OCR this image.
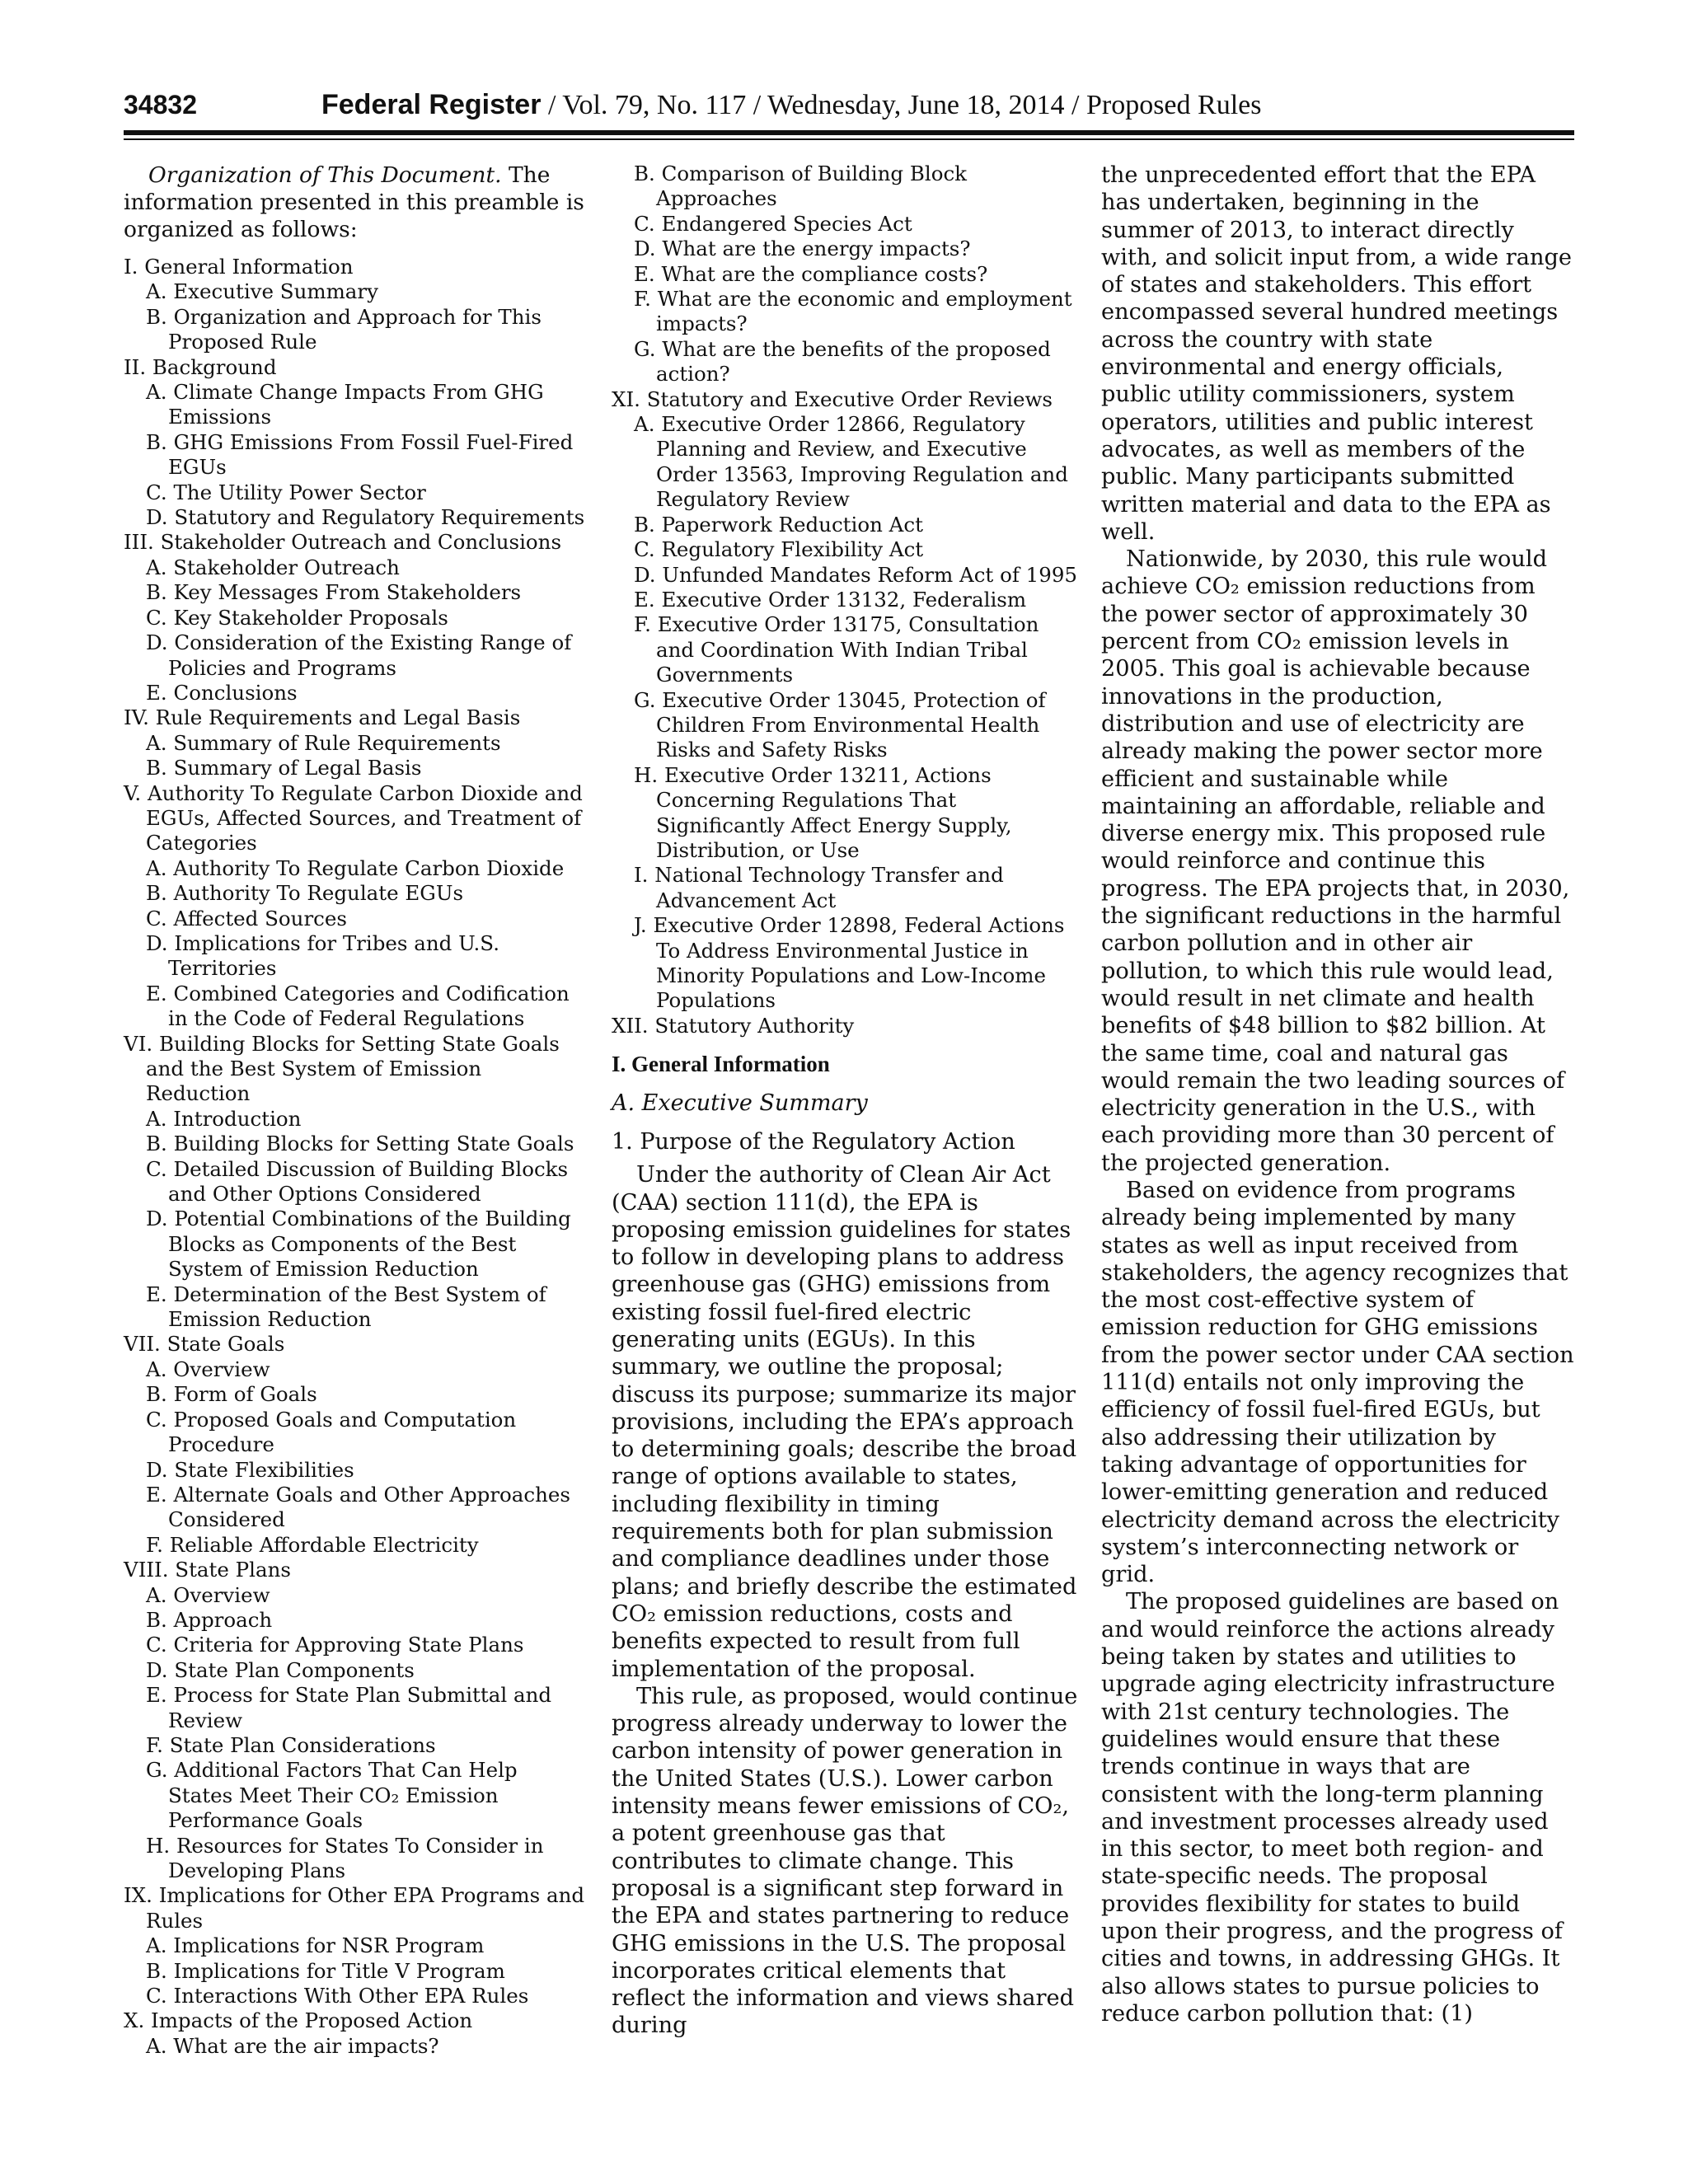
34832	Federal Register / Vol. 79, No. 117 / Wednesday, June 18, 2014 / Proposed Rules

Organization of This Document. The information presented in this preamble is organized as follows:

I. General Information
A. Executive Summary
B. Organization and Approach for This Proposed Rule
II. Background
A. Climate Change Impacts From GHG Emissions
B. GHG Emissions From Fossil Fuel-Fired EGUs
C. The Utility Power Sector
D. Statutory and Regulatory Requirements
III. Stakeholder Outreach and Conclusions
A. Stakeholder Outreach
B. Key Messages From Stakeholders
C. Key Stakeholder Proposals
D. Consideration of the Existing Range of Policies and Programs
E. Conclusions
IV. Rule Requirements and Legal Basis
A. Summary of Rule Requirements
B. Summary of Legal Basis
V. Authority To Regulate Carbon Dioxide and EGUs, Affected Sources, and Treatment of Categories
A. Authority To Regulate Carbon Dioxide
B. Authority To Regulate EGUs
C. Affected Sources
D. Implications for Tribes and U.S. Territories
E. Combined Categories and Codification in the Code of Federal Regulations
VI. Building Blocks for Setting State Goals and the Best System of Emission Reduction
A. Introduction
B. Building Blocks for Setting State Goals
C. Detailed Discussion of Building Blocks and Other Options Considered
D. Potential Combinations of the Building Blocks as Components of the Best System of Emission Reduction
E. Determination of the Best System of Emission Reduction
VII. State Goals
A. Overview
B. Form of Goals
C. Proposed Goals and Computation Procedure
D. State Flexibilities
E. Alternate Goals and Other Approaches Considered
F. Reliable Affordable Electricity
VIII. State Plans
A. Overview
B. Approach
C. Criteria for Approving State Plans
D. State Plan Components
E. Process for State Plan Submittal and Review
F. State Plan Considerations
G. Additional Factors That Can Help States Meet Their CO₂ Emission Performance Goals
H. Resources for States To Consider in Developing Plans
IX. Implications for Other EPA Programs and Rules
A. Implications for NSR Program
B. Implications for Title V Program
C. Interactions With Other EPA Rules
X. Impacts of the Proposed Action
A. What are the air impacts?
B. Comparison of Building Block Approaches
C. Endangered Species Act
D. What are the energy impacts?
E. What are the compliance costs?
F. What are the economic and employment impacts?
G. What are the benefits of the proposed action?
XI. Statutory and Executive Order Reviews
A. Executive Order 12866, Regulatory Planning and Review, and Executive Order 13563, Improving Regulation and Regulatory Review
B. Paperwork Reduction Act
C. Regulatory Flexibility Act
D. Unfunded Mandates Reform Act of 1995
E. Executive Order 13132, Federalism
F. Executive Order 13175, Consultation and Coordination With Indian Tribal Governments
G. Executive Order 13045, Protection of Children From Environmental Health Risks and Safety Risks
H. Executive Order 13211, Actions Concerning Regulations That Significantly Affect Energy Supply, Distribution, or Use
I. National Technology Transfer and Advancement Act
J. Executive Order 12898, Federal Actions To Address Environmental Justice in Minority Populations and Low-Income Populations
XII. Statutory Authority
I. General Information
A. Executive Summary
1. Purpose of the Regulatory Action

Under the authority of Clean Air Act (CAA) section 111(d), the EPA is proposing emission guidelines for states to follow in developing plans to address greenhouse gas (GHG) emissions from existing fossil fuel-fired electric generating units (EGUs). In this summary, we outline the proposal; discuss its purpose; summarize its major provisions, including the EPA’s approach to determining goals; describe the broad range of options available to states, including flexibility in timing requirements both for plan submission and compliance deadlines under those plans; and briefly describe the estimated CO₂ emission reductions, costs and benefits expected to result from full implementation of the proposal.

This rule, as proposed, would continue progress already underway to lower the carbon intensity of power generation in the United States (U.S.). Lower carbon intensity means fewer emissions of CO₂, a potent greenhouse gas that contributes to climate change. This proposal is a significant step forward in the EPA and states partnering to reduce GHG emissions in the U.S. The proposal incorporates critical elements that reflect the information and views shared during

the unprecedented effort that the EPA has undertaken, beginning in the summer of 2013, to interact directly with, and solicit input from, a wide range of states and stakeholders. This effort encompassed several hundred meetings across the country with state environmental and energy officials, public utility commissioners, system operators, utilities and public interest advocates, as well as members of the public. Many participants submitted written material and data to the EPA as well.

Nationwide, by 2030, this rule would achieve CO₂ emission reductions from the power sector of approximately 30 percent from CO₂ emission levels in 2005. This goal is achievable because innovations in the production, distribution and use of electricity are already making the power sector more efficient and sustainable while maintaining an affordable, reliable and diverse energy mix. This proposed rule would reinforce and continue this progress. The EPA projects that, in 2030, the significant reductions in the harmful carbon pollution and in other air pollution, to which this rule would lead, would result in net climate and health benefits of $48 billion to $82 billion. At the same time, coal and natural gas would remain the two leading sources of electricity generation in the U.S., with each providing more than 30 percent of the projected generation.

Based on evidence from programs already being implemented by many states as well as input received from stakeholders, the agency recognizes that the most cost-effective system of emission reduction for GHG emissions from the power sector under CAA section 111(d) entails not only improving the efficiency of fossil fuel-fired EGUs, but also addressing their utilization by taking advantage of opportunities for lower-emitting generation and reduced electricity demand across the electricity system’s interconnecting network or grid.

The proposed guidelines are based on and would reinforce the actions already being taken by states and utilities to upgrade aging electricity infrastructure with 21st century technologies. The guidelines would ensure that these trends continue in ways that are consistent with the long-term planning and investment processes already used in this sector, to meet both region- and state-specific needs. The proposal provides flexibility for states to build upon their progress, and the progress of cities and towns, in addressing GHGs. It also allows states to pursue policies to reduce carbon pollution that: (1)
